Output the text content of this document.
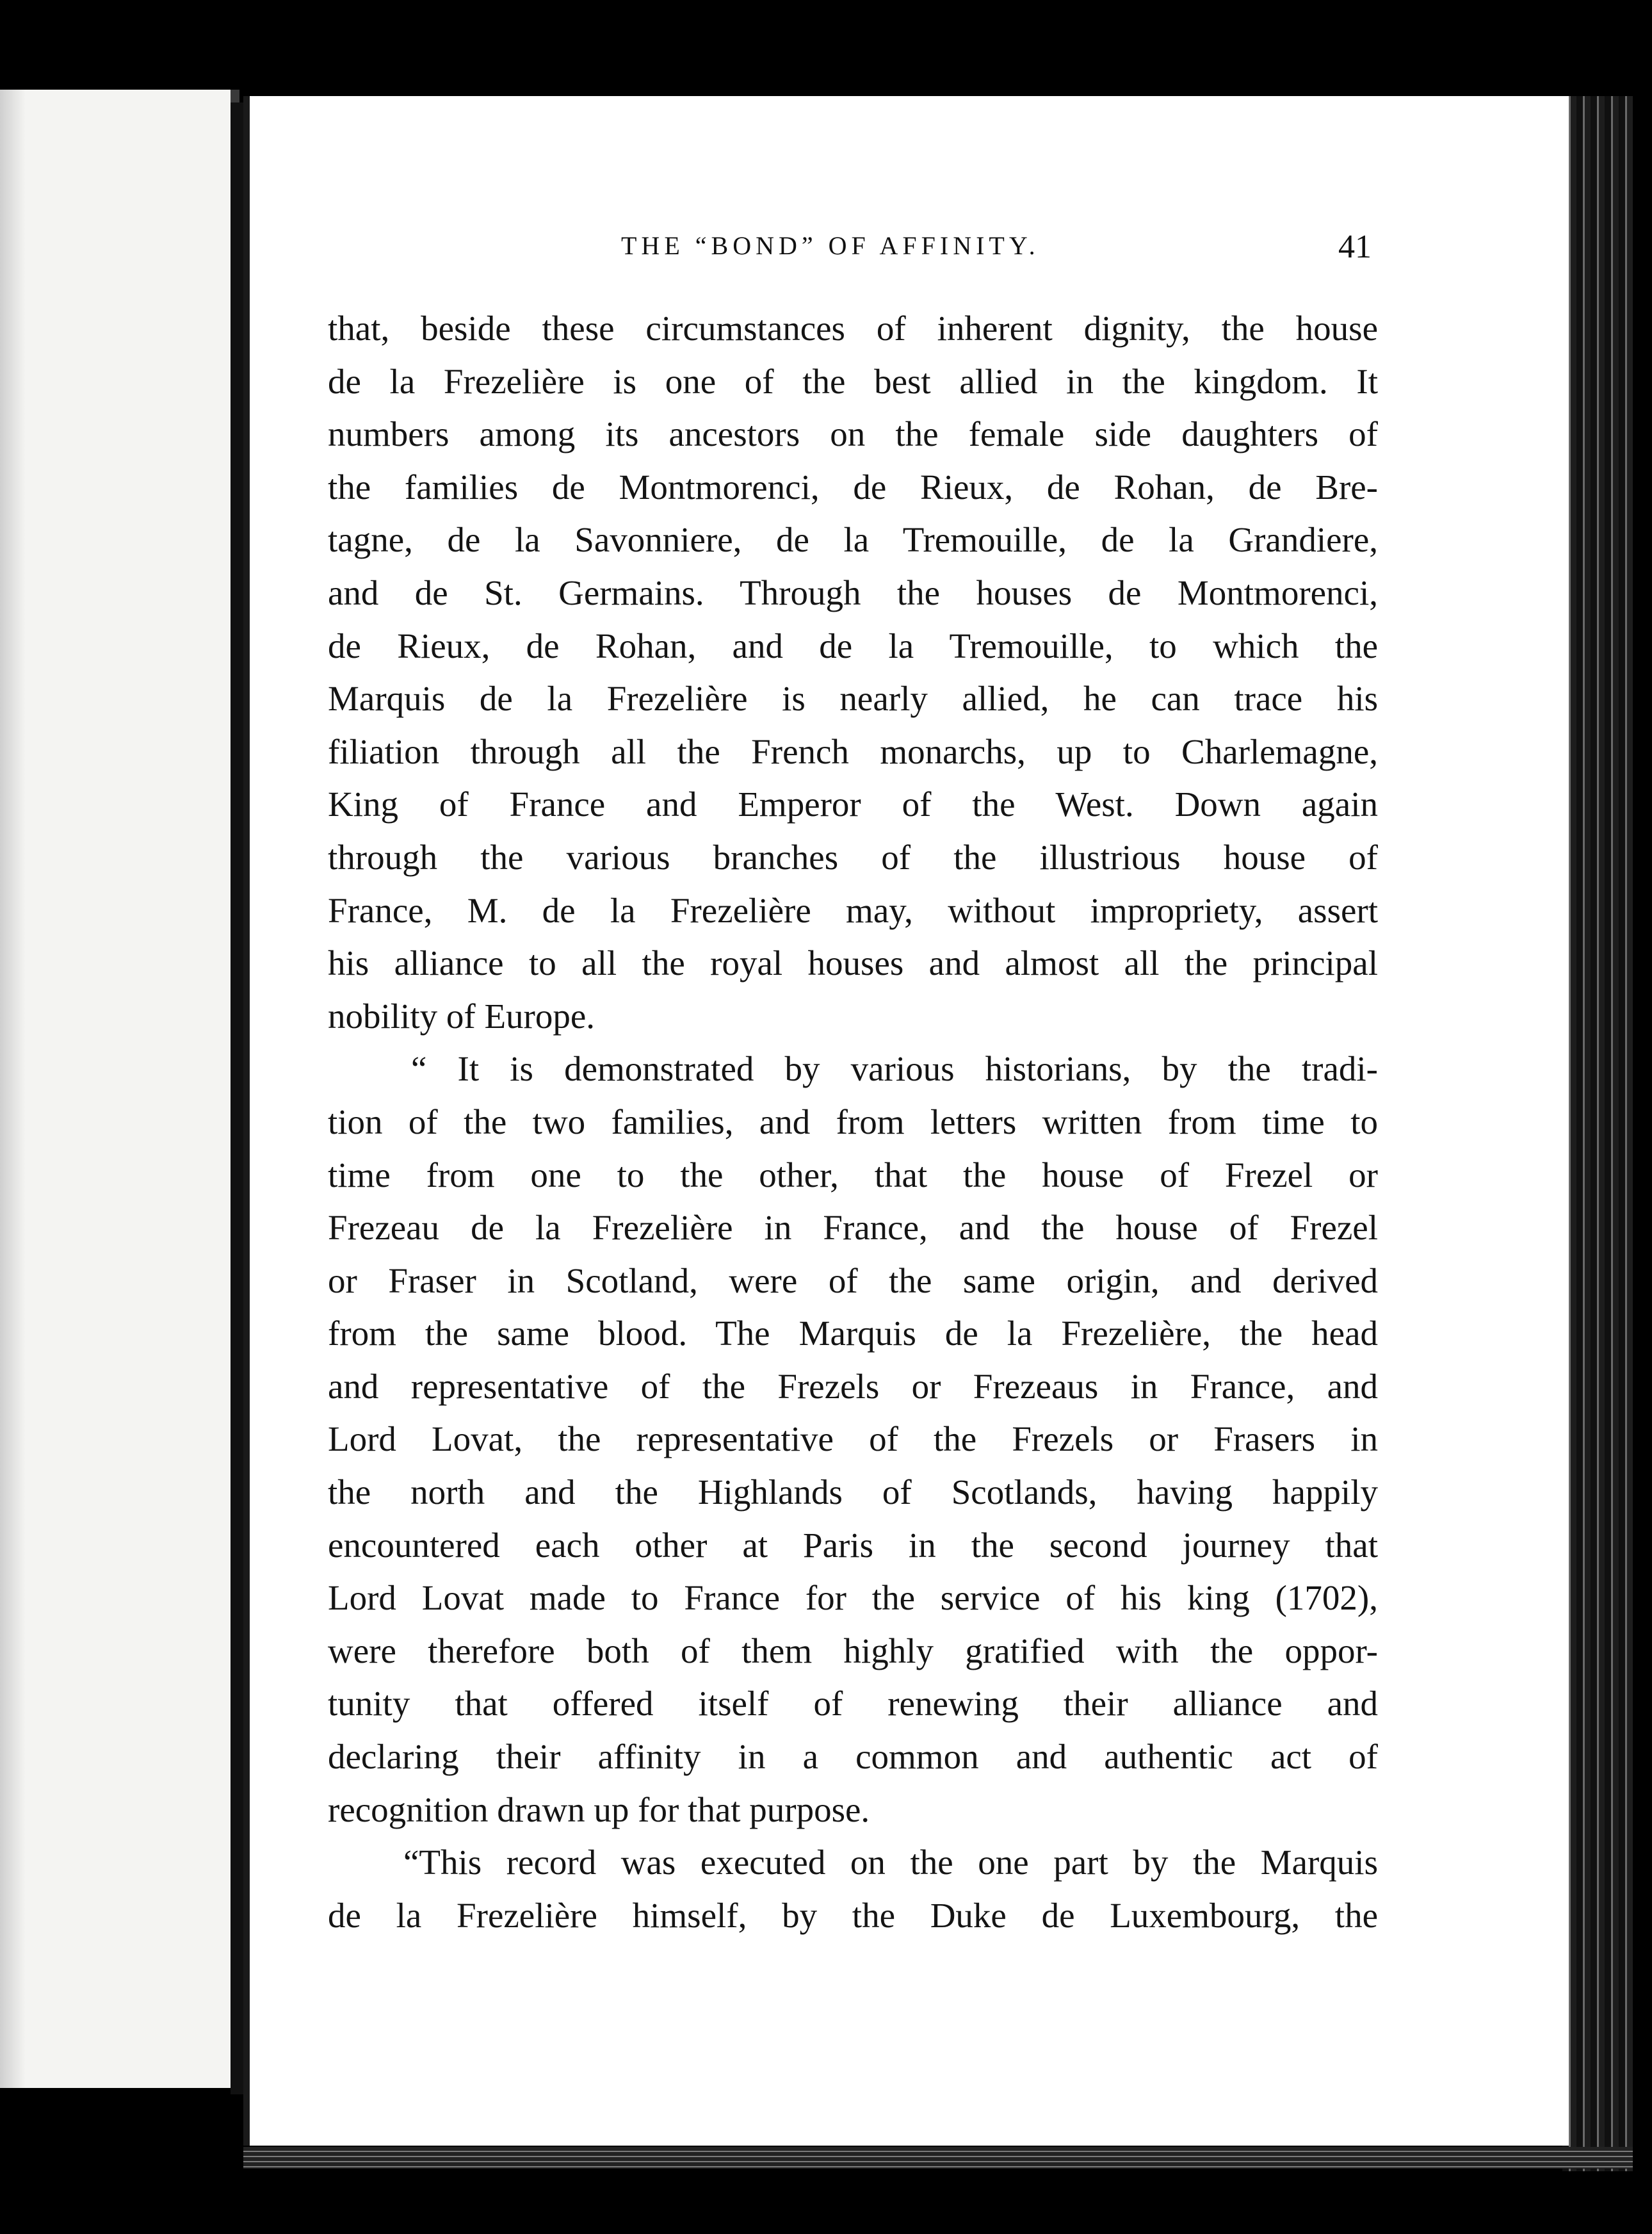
THE “BOND” OF AFFINITY.	41
that, beside these circumstances of inherent dignity, the house
de la Frezelière is one of the best allied in the kingdom. It
numbers among its ancestors on the female side daughters of
the families de Montmorenci, de Rieux, de Rohan, de Bre-
tagne, de la Savonniere, de la Tremouille, de la Grandiere,
and de St. Germains. Through the houses de Montmorenci,
de Rieux, de Rohan, and de la Tremouille, to which the
Marquis de la Frezelière is nearly allied, he can trace his
filiation through all the French monarchs, up to Charlemagne,
King of France and Emperor of the West. Down again
through the various branches of the illustrious house of
France, M. de la Frezelière may, without impropriety, assert
his alliance to all the royal houses and almost all the principal
nobility of Europe.
“ It is demonstrated by various historians, by the tradi-
tion of the two families, and from letters written from time to
time from one to the other, that the house of Frezel or
Frezeau de la Frezelière in France, and the house of Frezel
or Fraser in Scotland, were of the same origin, and derived
from the same blood. The Marquis de la Frezelière, the head
and representative of the Frezels or Frezeaus in France, and
Lord Lovat, the representative of the Frezels or Frasers in
the north and the Highlands of Scotlands, having happily
encountered each other at Paris in the second journey that
Lord Lovat made to France for the service of his king (1702),
were therefore both of them highly gratified with the oppor-
tunity that offered itself of renewing their alliance and
declaring their affinity in a common and authentic act of
recognition drawn up for that purpose.
“This record was executed on the one part by the Marquis
de la Frezelière himself, by the Duke de Luxembourg, the
